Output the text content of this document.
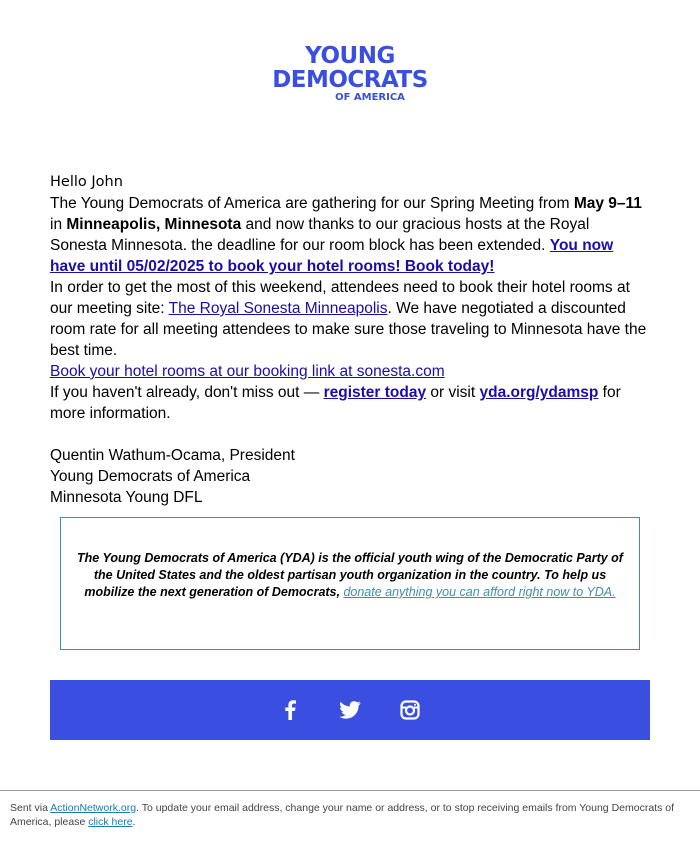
YOUNG
DEMOCRATS
OF AMERICA

Hello John

The Young Democrats of America are gathering for our Spring Meeting from May 9–11 in Minneapolis, Minnesota and now thanks to our gracious hosts at the Royal Sonesta Minnesota. the deadline for our room block has been extended. You now have until 05/02/2025 to book your hotel rooms! Book today!

In order to get the most of this weekend, attendees need to book their hotel rooms at our meeting site: The Royal Sonesta Minneapolis. We have negotiated a discounted room rate for all meeting attendees to make sure those traveling to Minnesota have the best time.

Book your hotel rooms at our booking link at sonesta.com

If you haven't already, don't miss out — register today or visit yda.org/ydamsp for more information.

Quentin Wathum-Ocama, President

Young Democrats of America

Minnesota Young DFL

The Young Democrats of America (YDA) is the official youth wing of the Democratic Party of the United States and the oldest partisan youth organization in the country. To help us mobilize the next generation of Democrats, donate anything you can afford right now to YDA.
Sent via ActionNetwork.org. To update your email address, change your name or address, or to stop receiving emails from Young Democrats of America, please click here.
